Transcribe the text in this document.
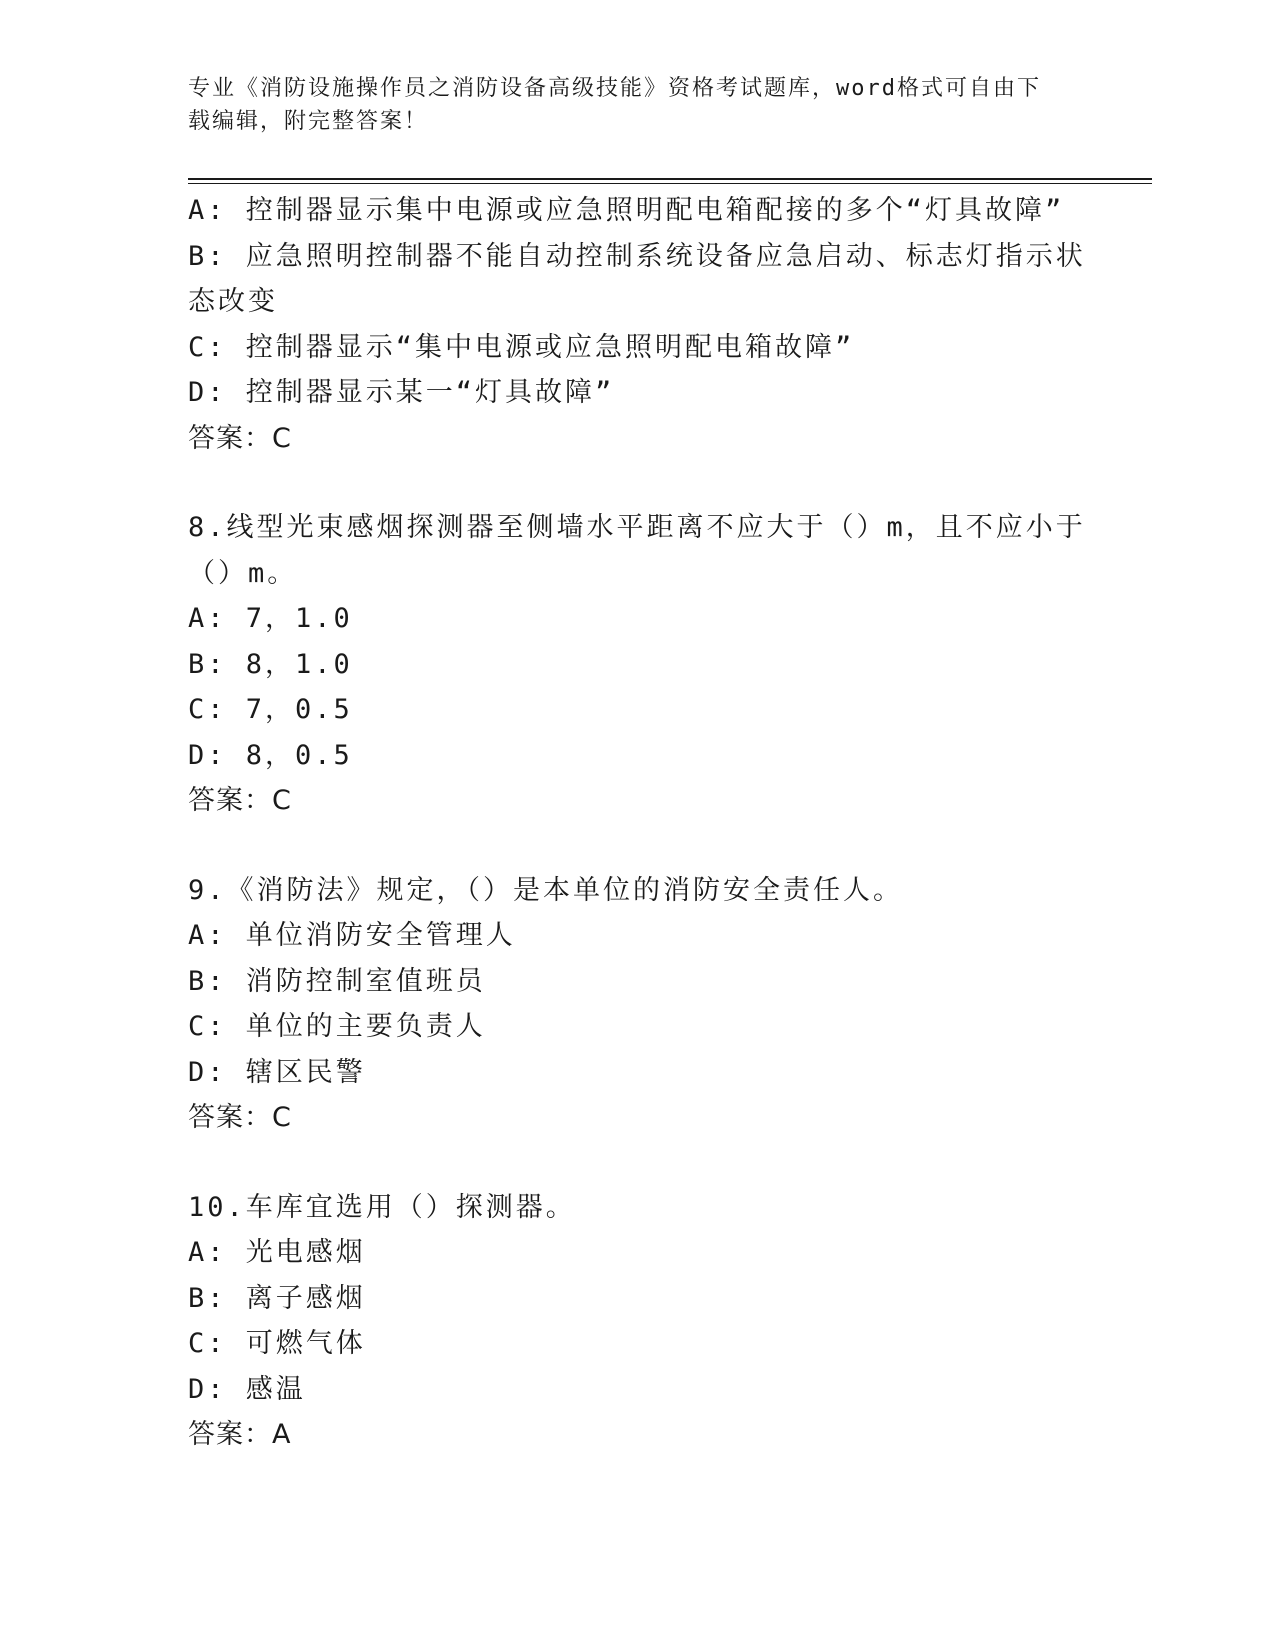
专业《消防设施操作员之消防设备高级技能》资格考试题库，word格式可自由下
载编辑，附完整答案！
A: 控制器显示集中电源或应急照明配电箱配接的多个“灯具故障”
B: 应急照明控制器不能自动控制系统设备应急启动、标志灯指示状态改变
C: 控制器显示“集中电源或应急照明配电箱故障”
D: 控制器显示某一“灯具故障”
答案：C
8.线型光束感烟探测器至侧墙水平距离不应大于（）m，且不应小于（）m。
A: 7，1.0
B: 8，1.0
C: 7，0.5
D: 8，0.5
答案：C
9.《消防法》规定，（）是本单位的消防安全责任人。
A: 单位消防安全管理人
B: 消防控制室值班员
C: 单位的主要负责人
D: 辖区民警
答案：C
10.车库宜选用（）探测器。
A: 光电感烟
B: 离子感烟
C: 可燃气体
D: 感温
答案：A
